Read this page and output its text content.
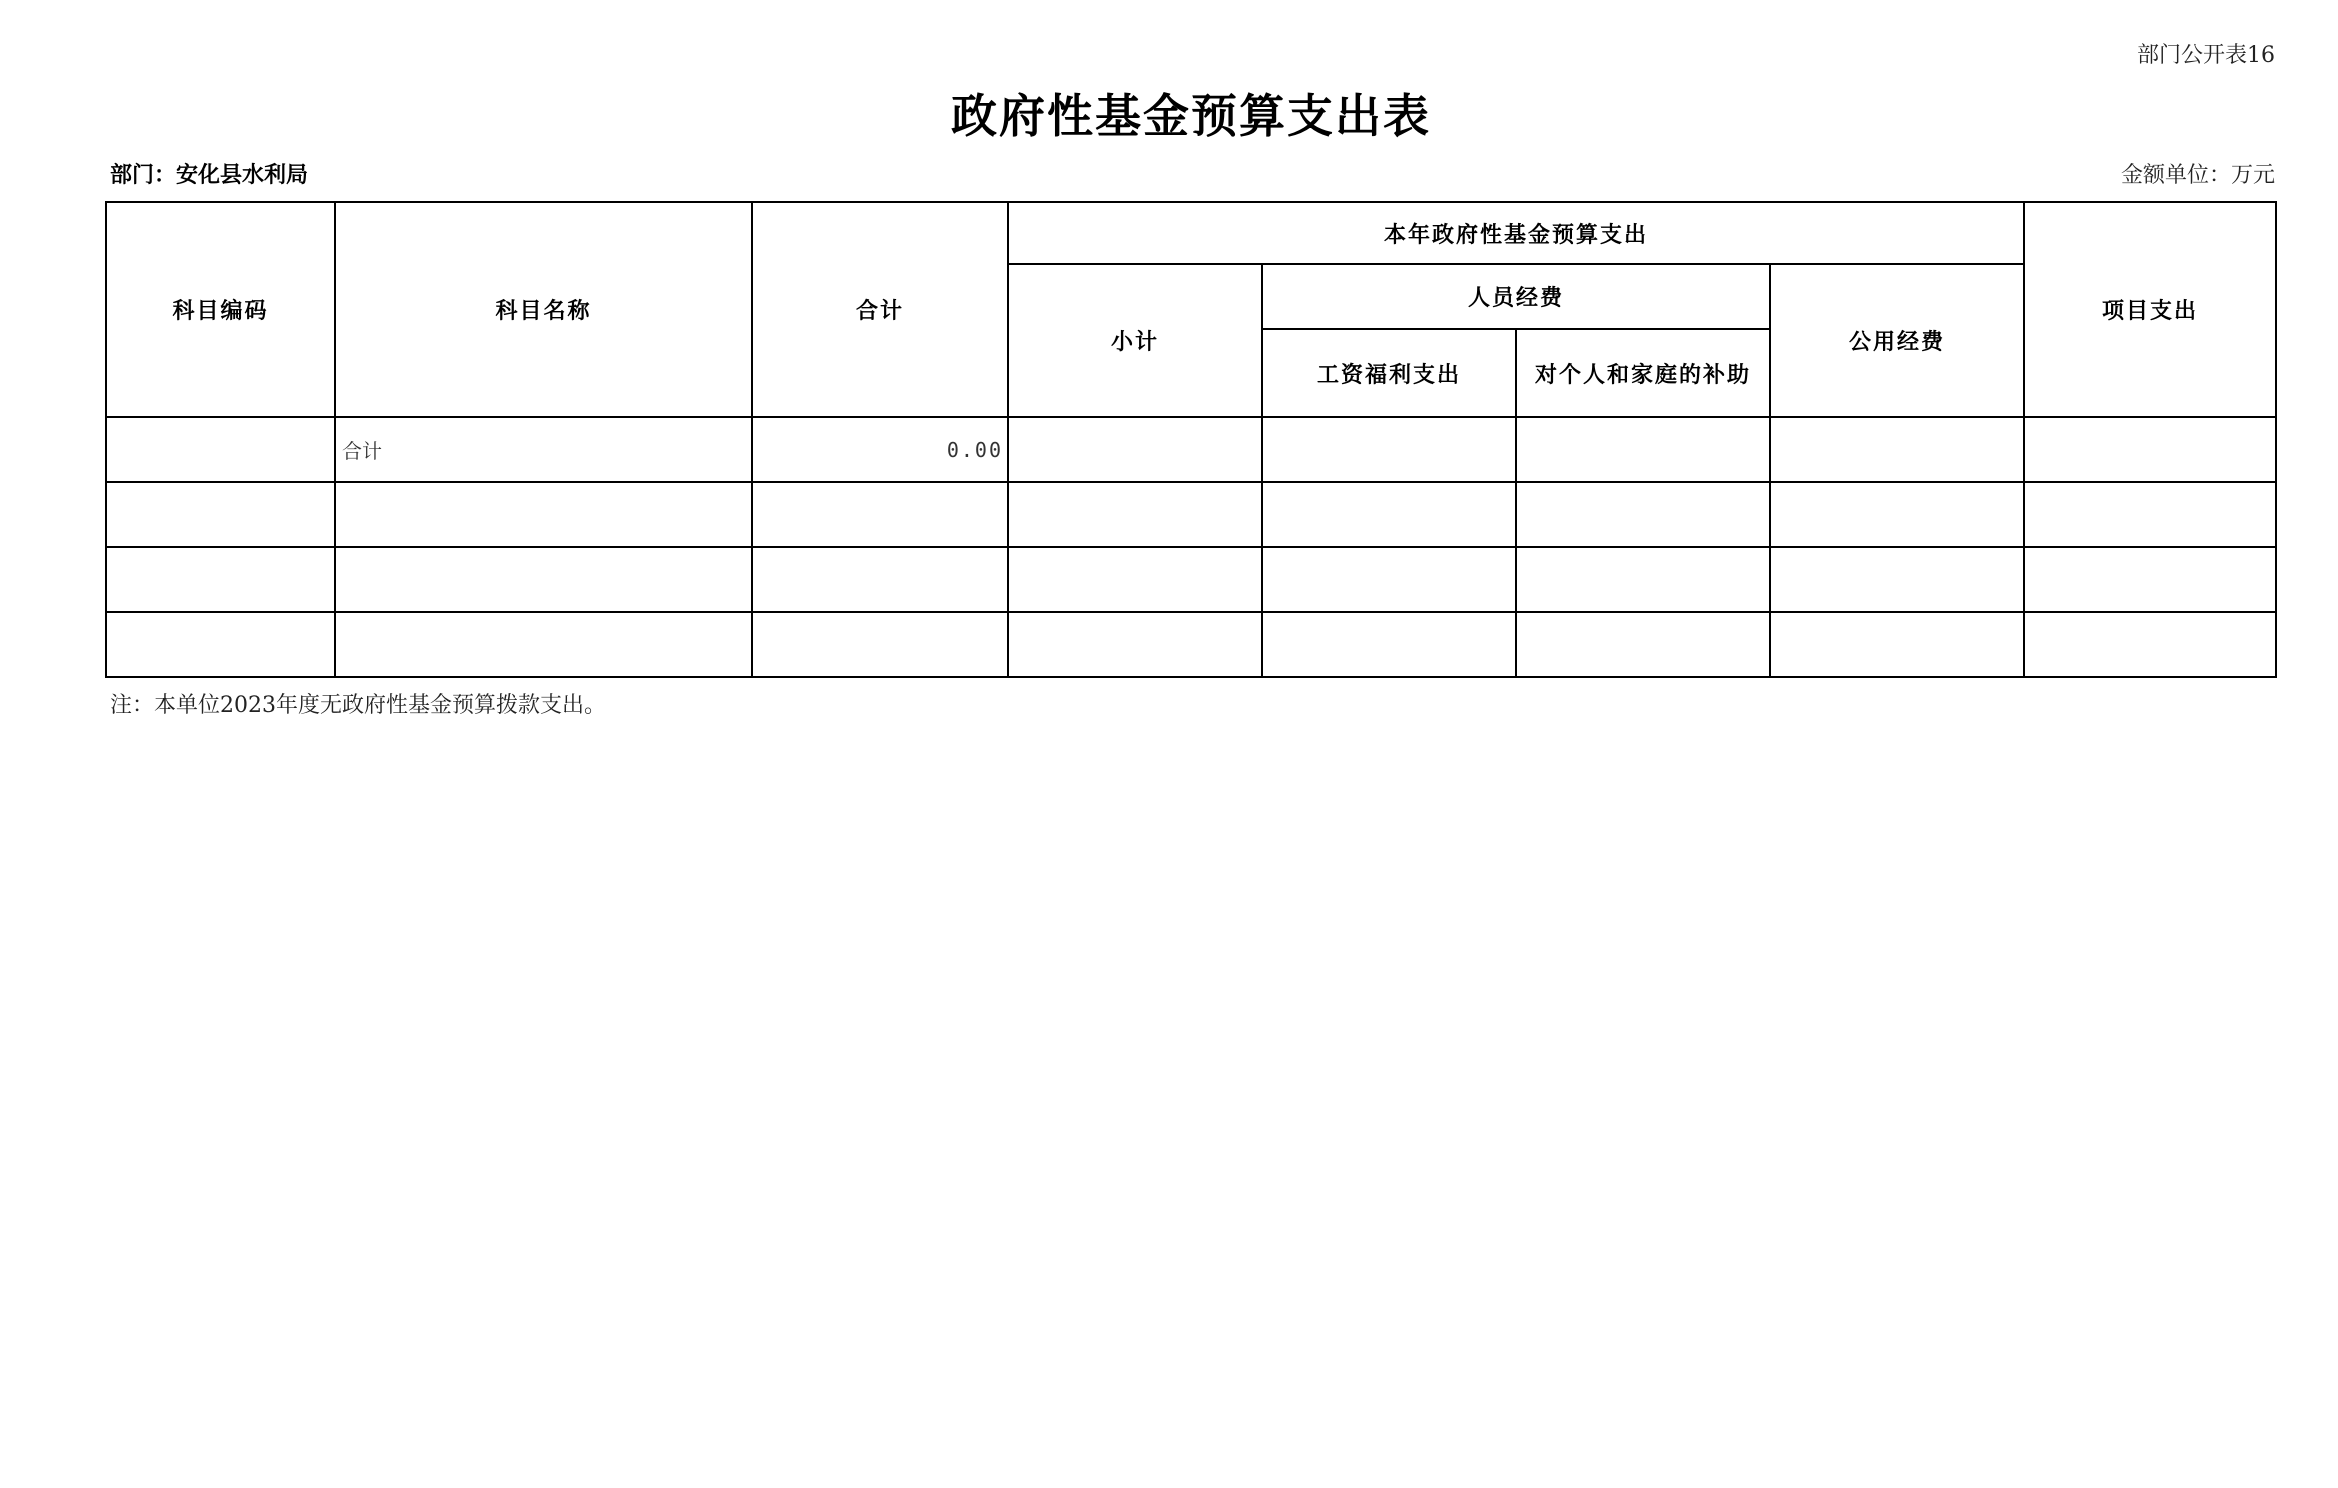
部门公开表16
政府性基金预算支出表
部门：安化县水利局	金额单位：万元
科目编码	科目名称	合计	本年政府性基金预算支出				项目支出
			小计	人员经费		公用经费	
				工资福利支出	对个人和家庭的补助		
	合计	0.00					

注：本单位2023年度无政府性基金预算拨款支出。
